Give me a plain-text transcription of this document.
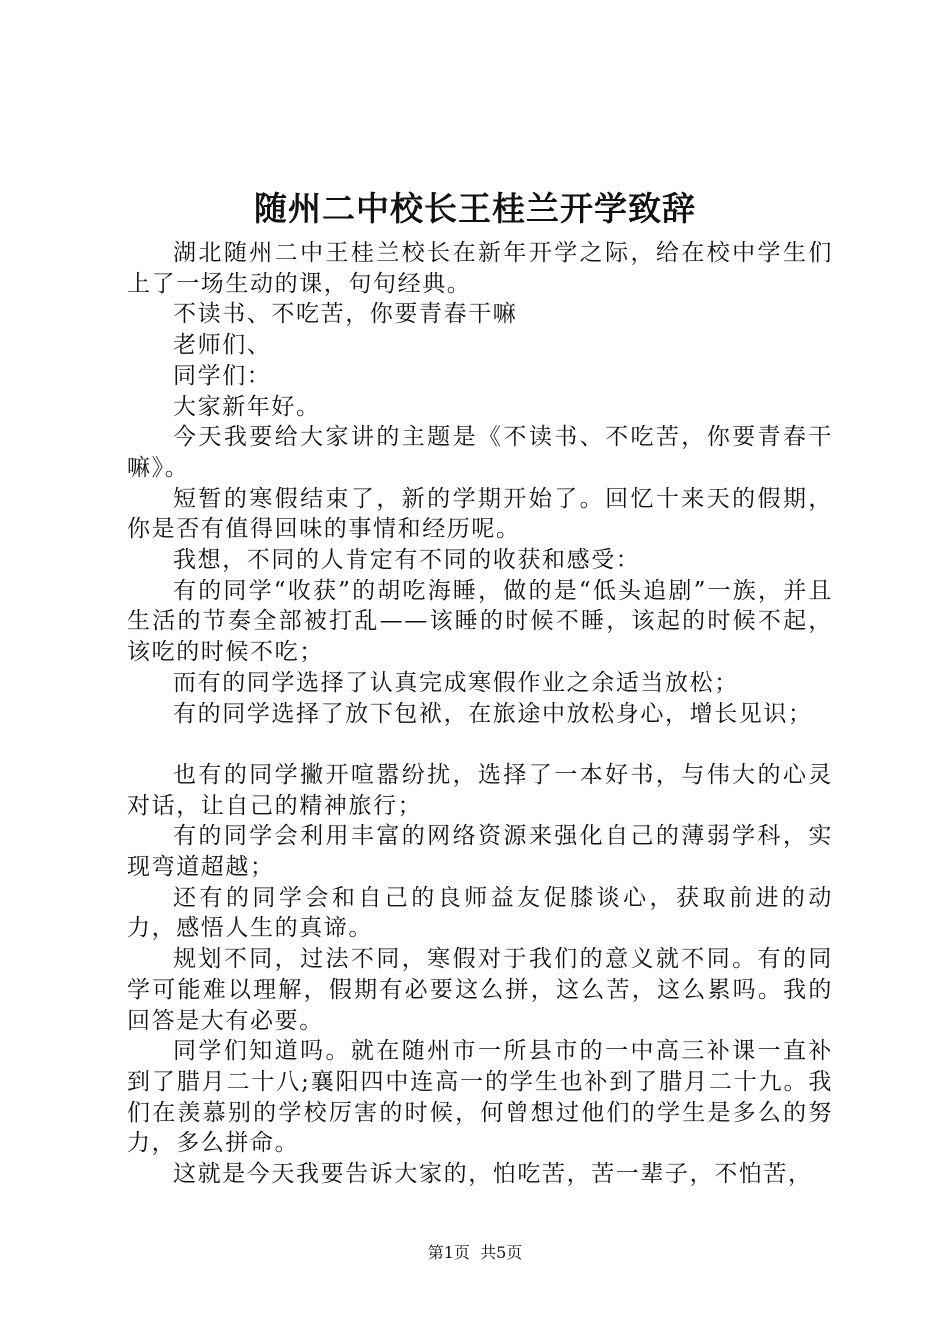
随州二中校长王桂兰开学致辞

湖北随州二中王桂兰校长在新年开学之际，给在校中学生们上了一场生动的课，句句经典。

不读书、不吃苦，你要青春干嘛

老师们、

同学们：

大家新年好。

今天我要给大家讲的主题是《不读书、不吃苦，你要青春干嘛》。

短暂的寒假结束了，新的学期开始了。回忆十来天的假期，你是否有值得回味的事情和经历呢。

我想，不同的人肯定有不同的收获和感受：

有的同学“收获”的胡吃海睡，做的是“低头追剧”一族，并且生活的节奏全部被打乱——该睡的时候不睡，该起的时候不起，该吃的时候不吃；

而有的同学选择了认真完成寒假作业之余适当放松；

有的同学选择了放下包袱，在旅途中放松身心，增长见识；

也有的同学撇开喧嚣纷扰，选择了一本好书，与伟大的心灵对话，让自己的精神旅行；

有的同学会利用丰富的网络资源来强化自己的薄弱学科，实现弯道超越；

还有的同学会和自己的良师益友促膝谈心，获取前进的动力，感悟人生的真谛。

规划不同，过法不同，寒假对于我们的意义就不同。有的同学可能难以理解，假期有必要这么拼，这么苦，这么累吗。我的回答是大有必要。

同学们知道吗。就在随州市一所县市的一中高三补课一直补到了腊月二十八;襄阳四中连高一的学生也补到了腊月二十九。我们在羡慕别的学校厉害的时候，何曾想过他们的学生是多么的努力，多么拼命。

这就是今天我要告诉大家的，怕吃苦，苦一辈子，不怕苦，

第1页 共5页
